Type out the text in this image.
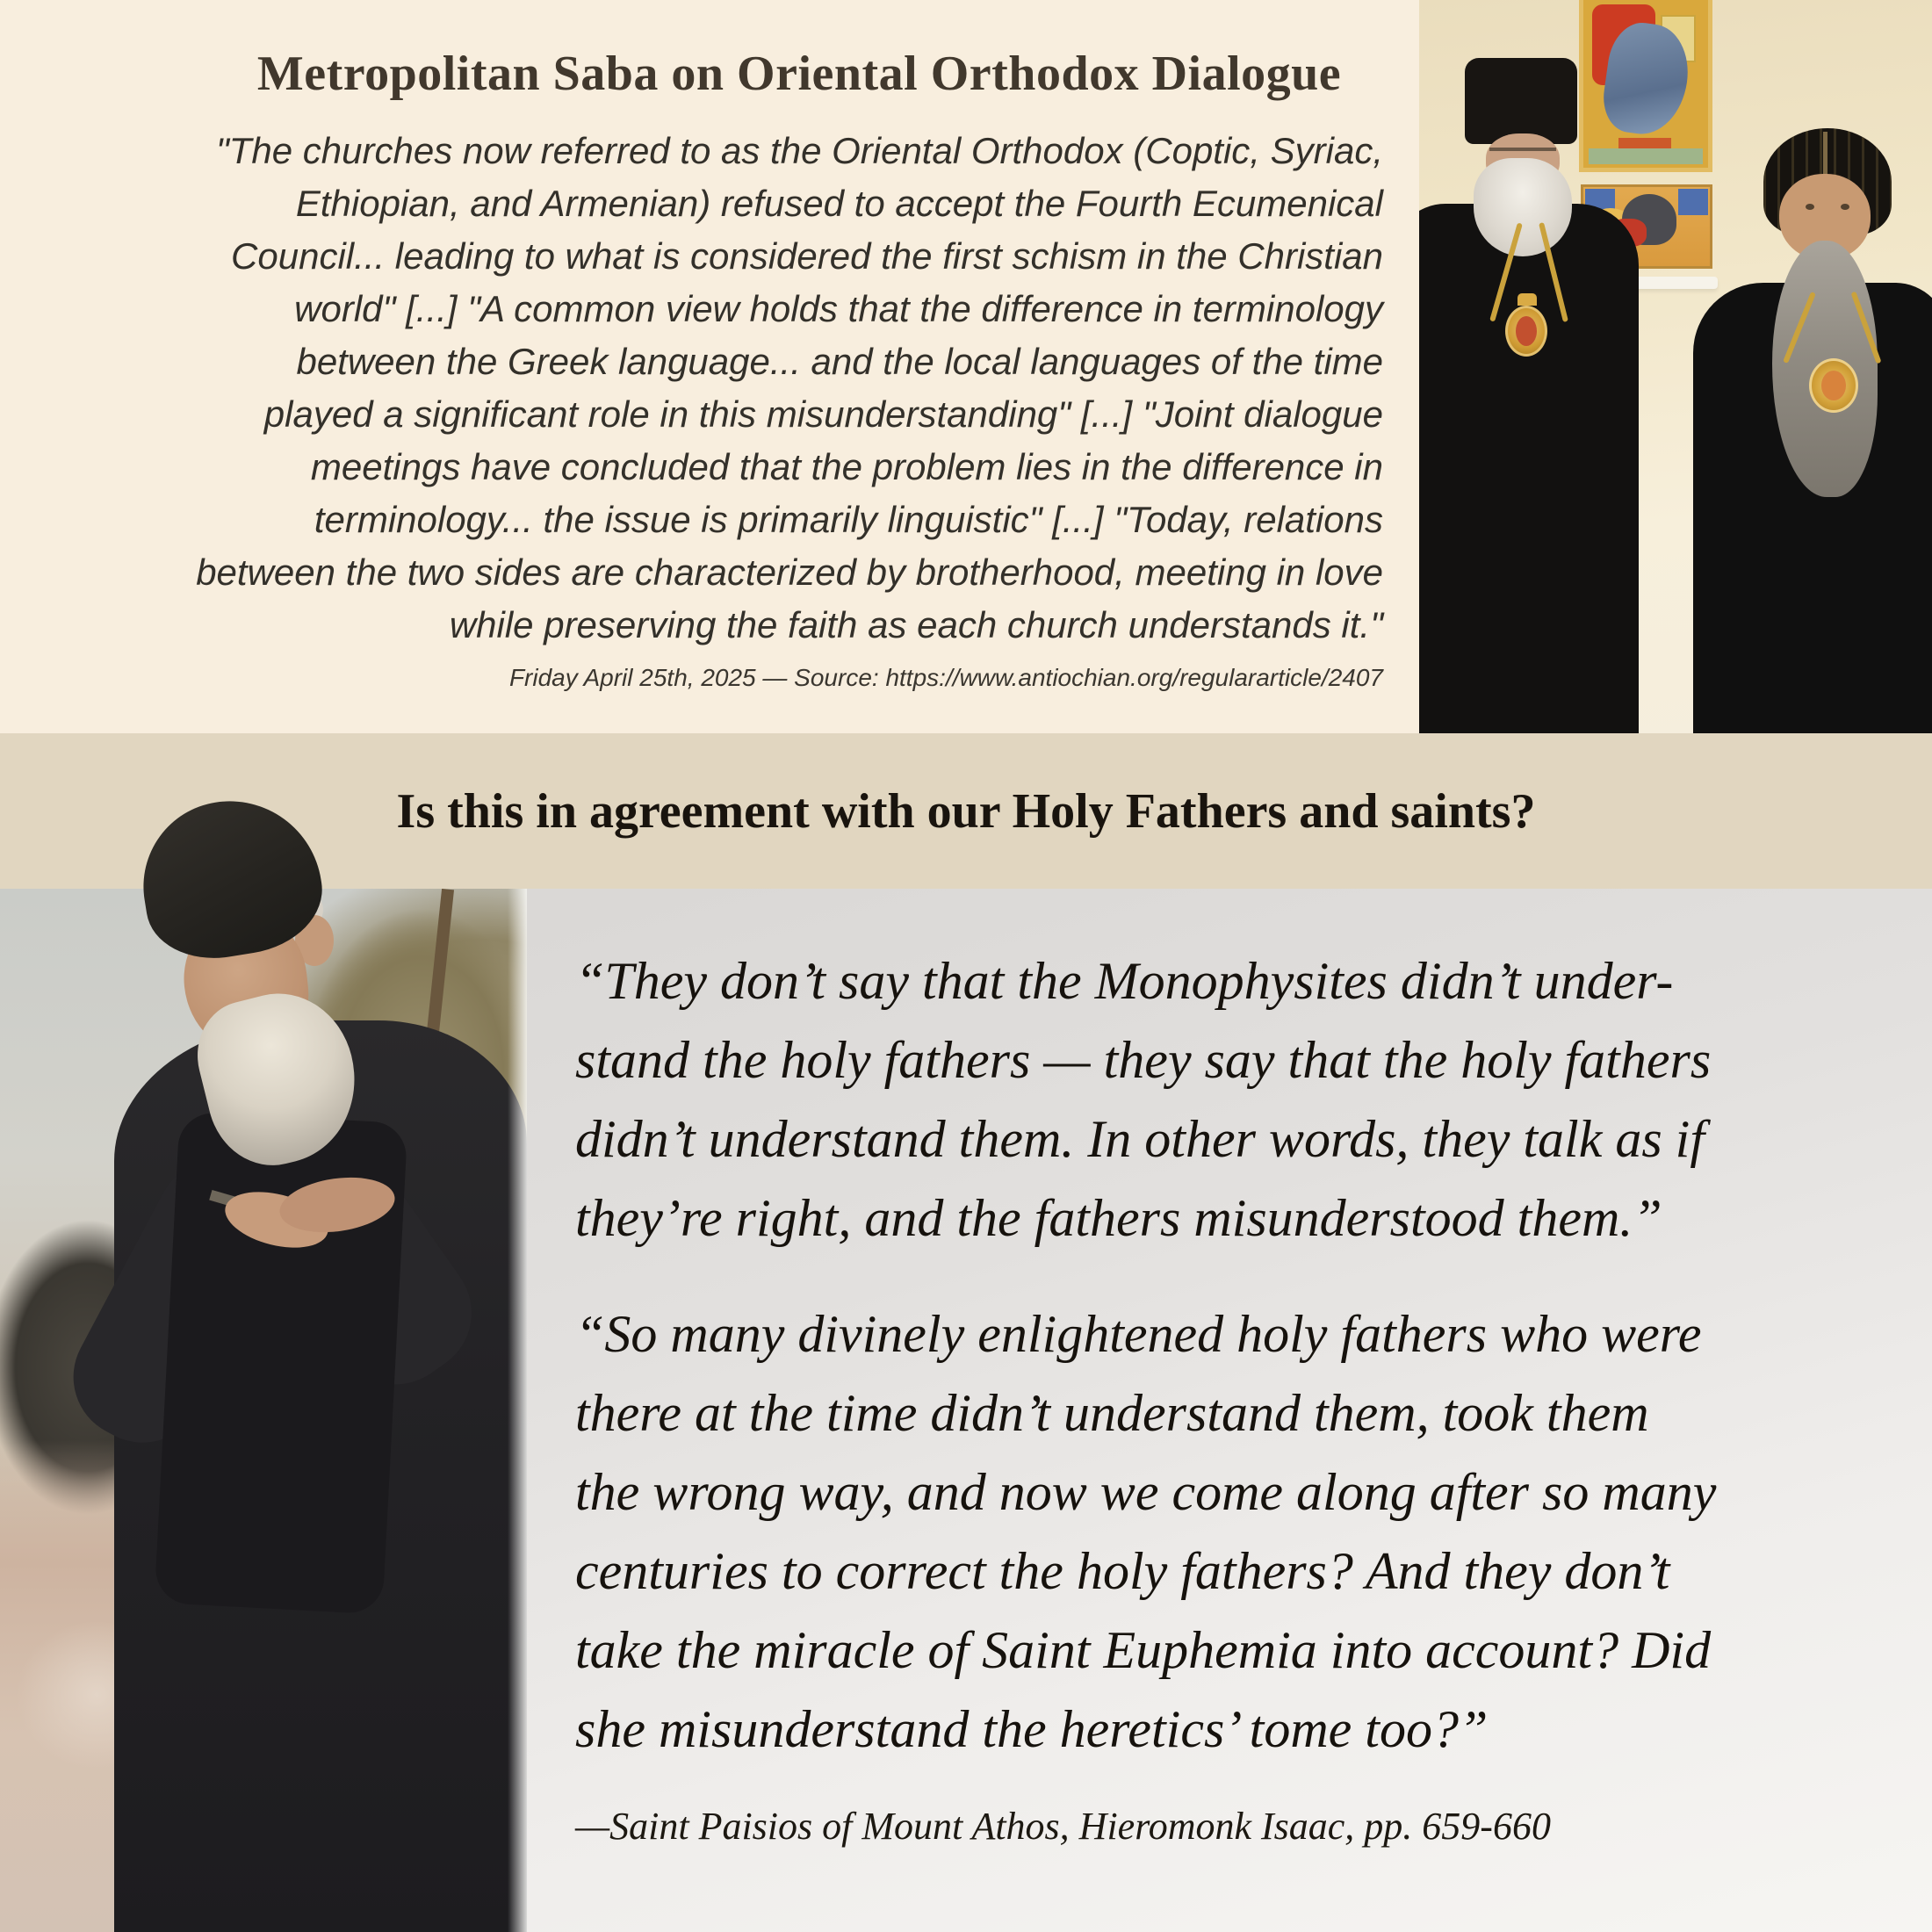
Metropolitan Saba on Oriental Orthodox Dialogue
"The churches now referred to as the Oriental Orthodox (Coptic, Syriac,
Ethiopian, and Armenian) refused to accept the Fourth Ecumenical
Council... leading to what is considered the first schism in the Christian
world" [...] "A common view holds that the difference in terminology
between the Greek language... and the local languages of the time
played a significant role in this misunderstanding" [...] "Joint dialogue
meetings have concluded that the problem lies in the difference in
terminology... the issue is primarily linguistic" [...] "Today, relations
between the two sides are characterized by brotherhood, meeting in love
while preserving the faith as each church understands it."
Friday April 25th, 2025 — Source: https://www.antiochian.org/regulararticle/2407
Is this in agreement with our Holy Fathers and saints?
“They don’t say that the Monophysites didn’t under-
stand the holy fathers — they say that the holy fathers
didn’t understand them. In other words, they talk as if
they’re right, and the fathers misunderstood them.”
“So many divinely enlightened holy fathers who were
there at the time didn’t understand them, took them
the wrong way, and now we come along after so many
centuries to correct the holy fathers? And they don’t
take the miracle of Saint Euphemia into account? Did
she misunderstand the heretics’ tome too?”
—Saint Paisios of Mount Athos, Hieromonk Isaac, pp. 659-660
